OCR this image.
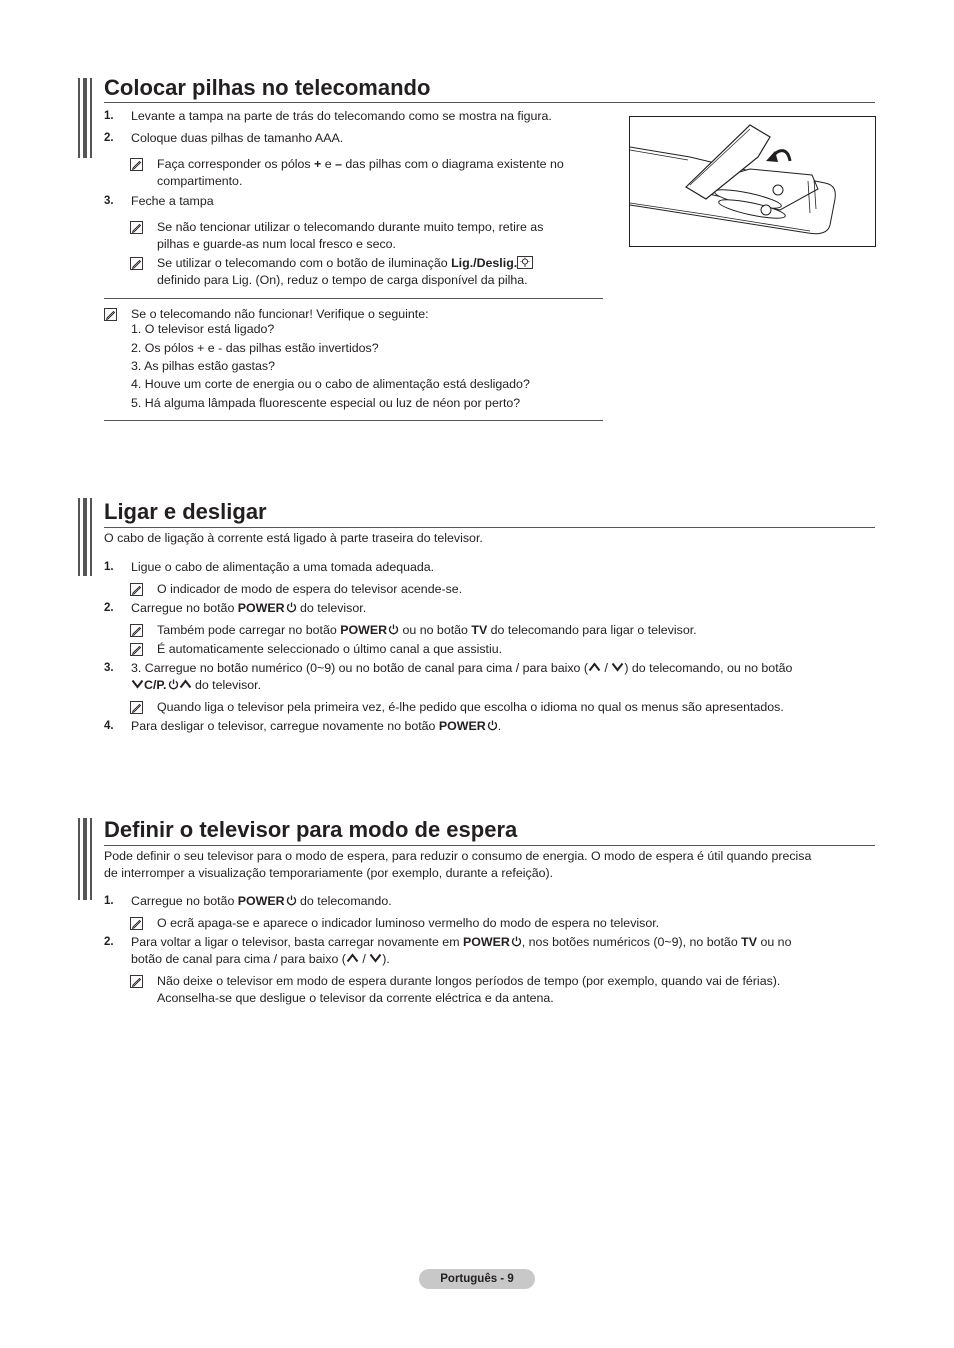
Colocar pilhas no telecomando
1. Levante a tampa na parte de trás do telecomando como se mostra na figura.
2. Coloque duas pilhas de tamanho AAA.
Faça corresponder os pólos + e – das pilhas com o diagrama existente no
compartimento.
3. Feche a tampa
Se não tencionar utilizar o telecomando durante muito tempo, retire as
pilhas e guarde-as num local fresco e seco.
Se utilizar o telecomando com o botão de iluminação Lig./Deslig.
definido para Lig. (On), reduz o tempo de carga disponível da pilha.
Se o telecomando não funcionar! Verifique o seguinte:
1. O televisor está ligado?
2. Os pólos + e - das pilhas estão invertidos?
3. As pilhas estão gastas?
4. Houve um corte de energia ou o cabo de alimentação está desligado?
5. Há alguma lâmpada fluorescente especial ou luz de néon por perto?
Ligar e desligar
O cabo de ligação à corrente está ligado à parte traseira do televisor.
1. Ligue o cabo de alimentação a uma tomada adequada.
O indicador de modo de espera do televisor acende-se.
2. Carregue no botão POWER do televisor.
Também pode carregar no botão POWER ou no botão TV do telecomando para ligar o televisor.
É automaticamente seleccionado o último canal a que assistiu.
3. 3. Carregue no botão numérico (0~9) ou no botão de canal para cima / para baixo ( / ) do telecomando, ou no botão
C/P. do televisor.
Quando liga o televisor pela primeira vez, é-lhe pedido que escolha o idioma no qual os menus são apresentados.
4. Para desligar o televisor, carregue novamente no botão POWER .
Definir o televisor para modo de espera
Pode definir o seu televisor para o modo de espera, para reduzir o consumo de energia. O modo de espera é útil quando precisa
de interromper a visualização temporariamente (por exemplo, durante a refeição).
1. Carregue no botão POWER do telecomando.
O ecrã apaga-se e aparece o indicador luminoso vermelho do modo de espera no televisor.
2. Para voltar a ligar o televisor, basta carregar novamente em POWER , nos botões numéricos (0~9), no botão TV ou no
botão de canal para cima / para baixo ( / ).
Não deixe o televisor em modo de espera durante longos períodos de tempo (por exemplo, quando vai de férias).
Aconselha-se que desligue o televisor da corrente eléctrica e da antena.
Português - 9
